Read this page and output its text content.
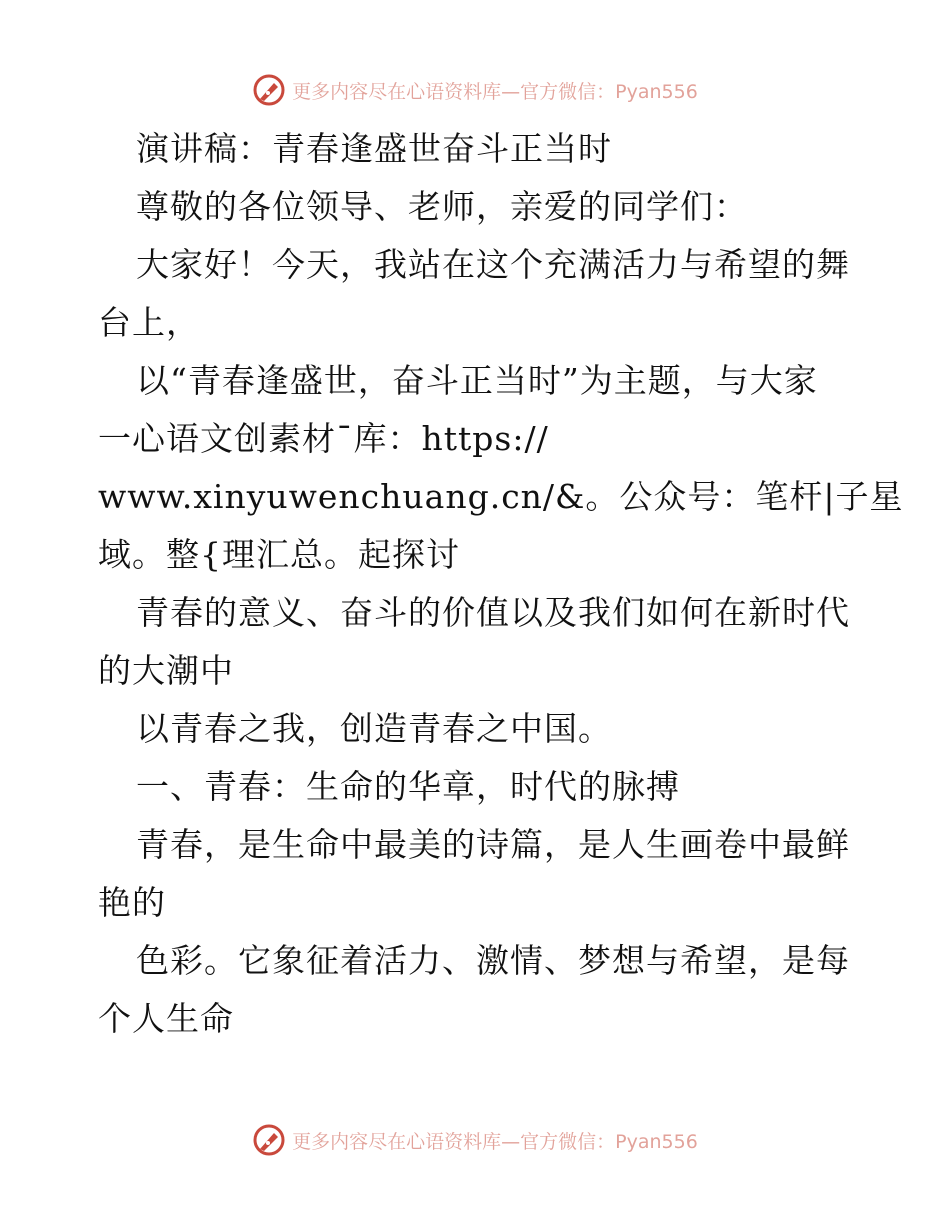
更多内容尽在心语资料库—官方微信：Pyan556
演讲稿：青春逢盛世奋斗正当时
尊敬的各位领导、老师，亲爱的同学们：
大家好！今天，我站在这个充满活力与希望的舞
台上，
以“青春逢盛世，奋斗正当时”为主题，与大家
一心语文创素材¯库：https://
www.xinyuwenchuang.cn/&。公众号：笔杆|子星
域。整{理汇总。起探讨
青春的意义、奋斗的价值以及我们如何在新时代
的大潮中
以青春之我，创造青春之中国。
一、青春：生命的华章，时代的脉搏
青春，是生命中最美的诗篇，是人生画卷中最鲜
艳的
色彩。它象征着活力、激情、梦想与希望，是每
个人生命
更多内容尽在心语资料库—官方微信：Pyan556
